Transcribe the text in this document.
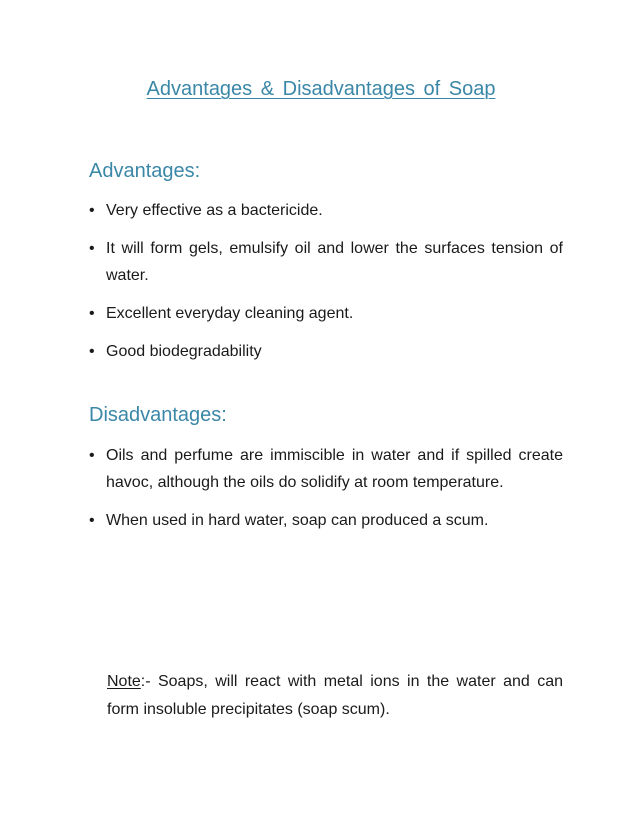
Advantages & Disadvantages of Soap
Advantages:
• Very effective as a bactericide.
• It will form gels, emulsify oil and lower the surfaces tension of water.
• Excellent everyday cleaning agent.
• Good biodegradability
Disadvantages:
• Oils and perfume are immiscible in water and if spilled create havoc, although the oils do solidify at room temperature.
• When used in hard water, soap can produced a scum.

Note:- Soaps, will react with metal ions in the water and can form insoluble precipitates (soap scum).
